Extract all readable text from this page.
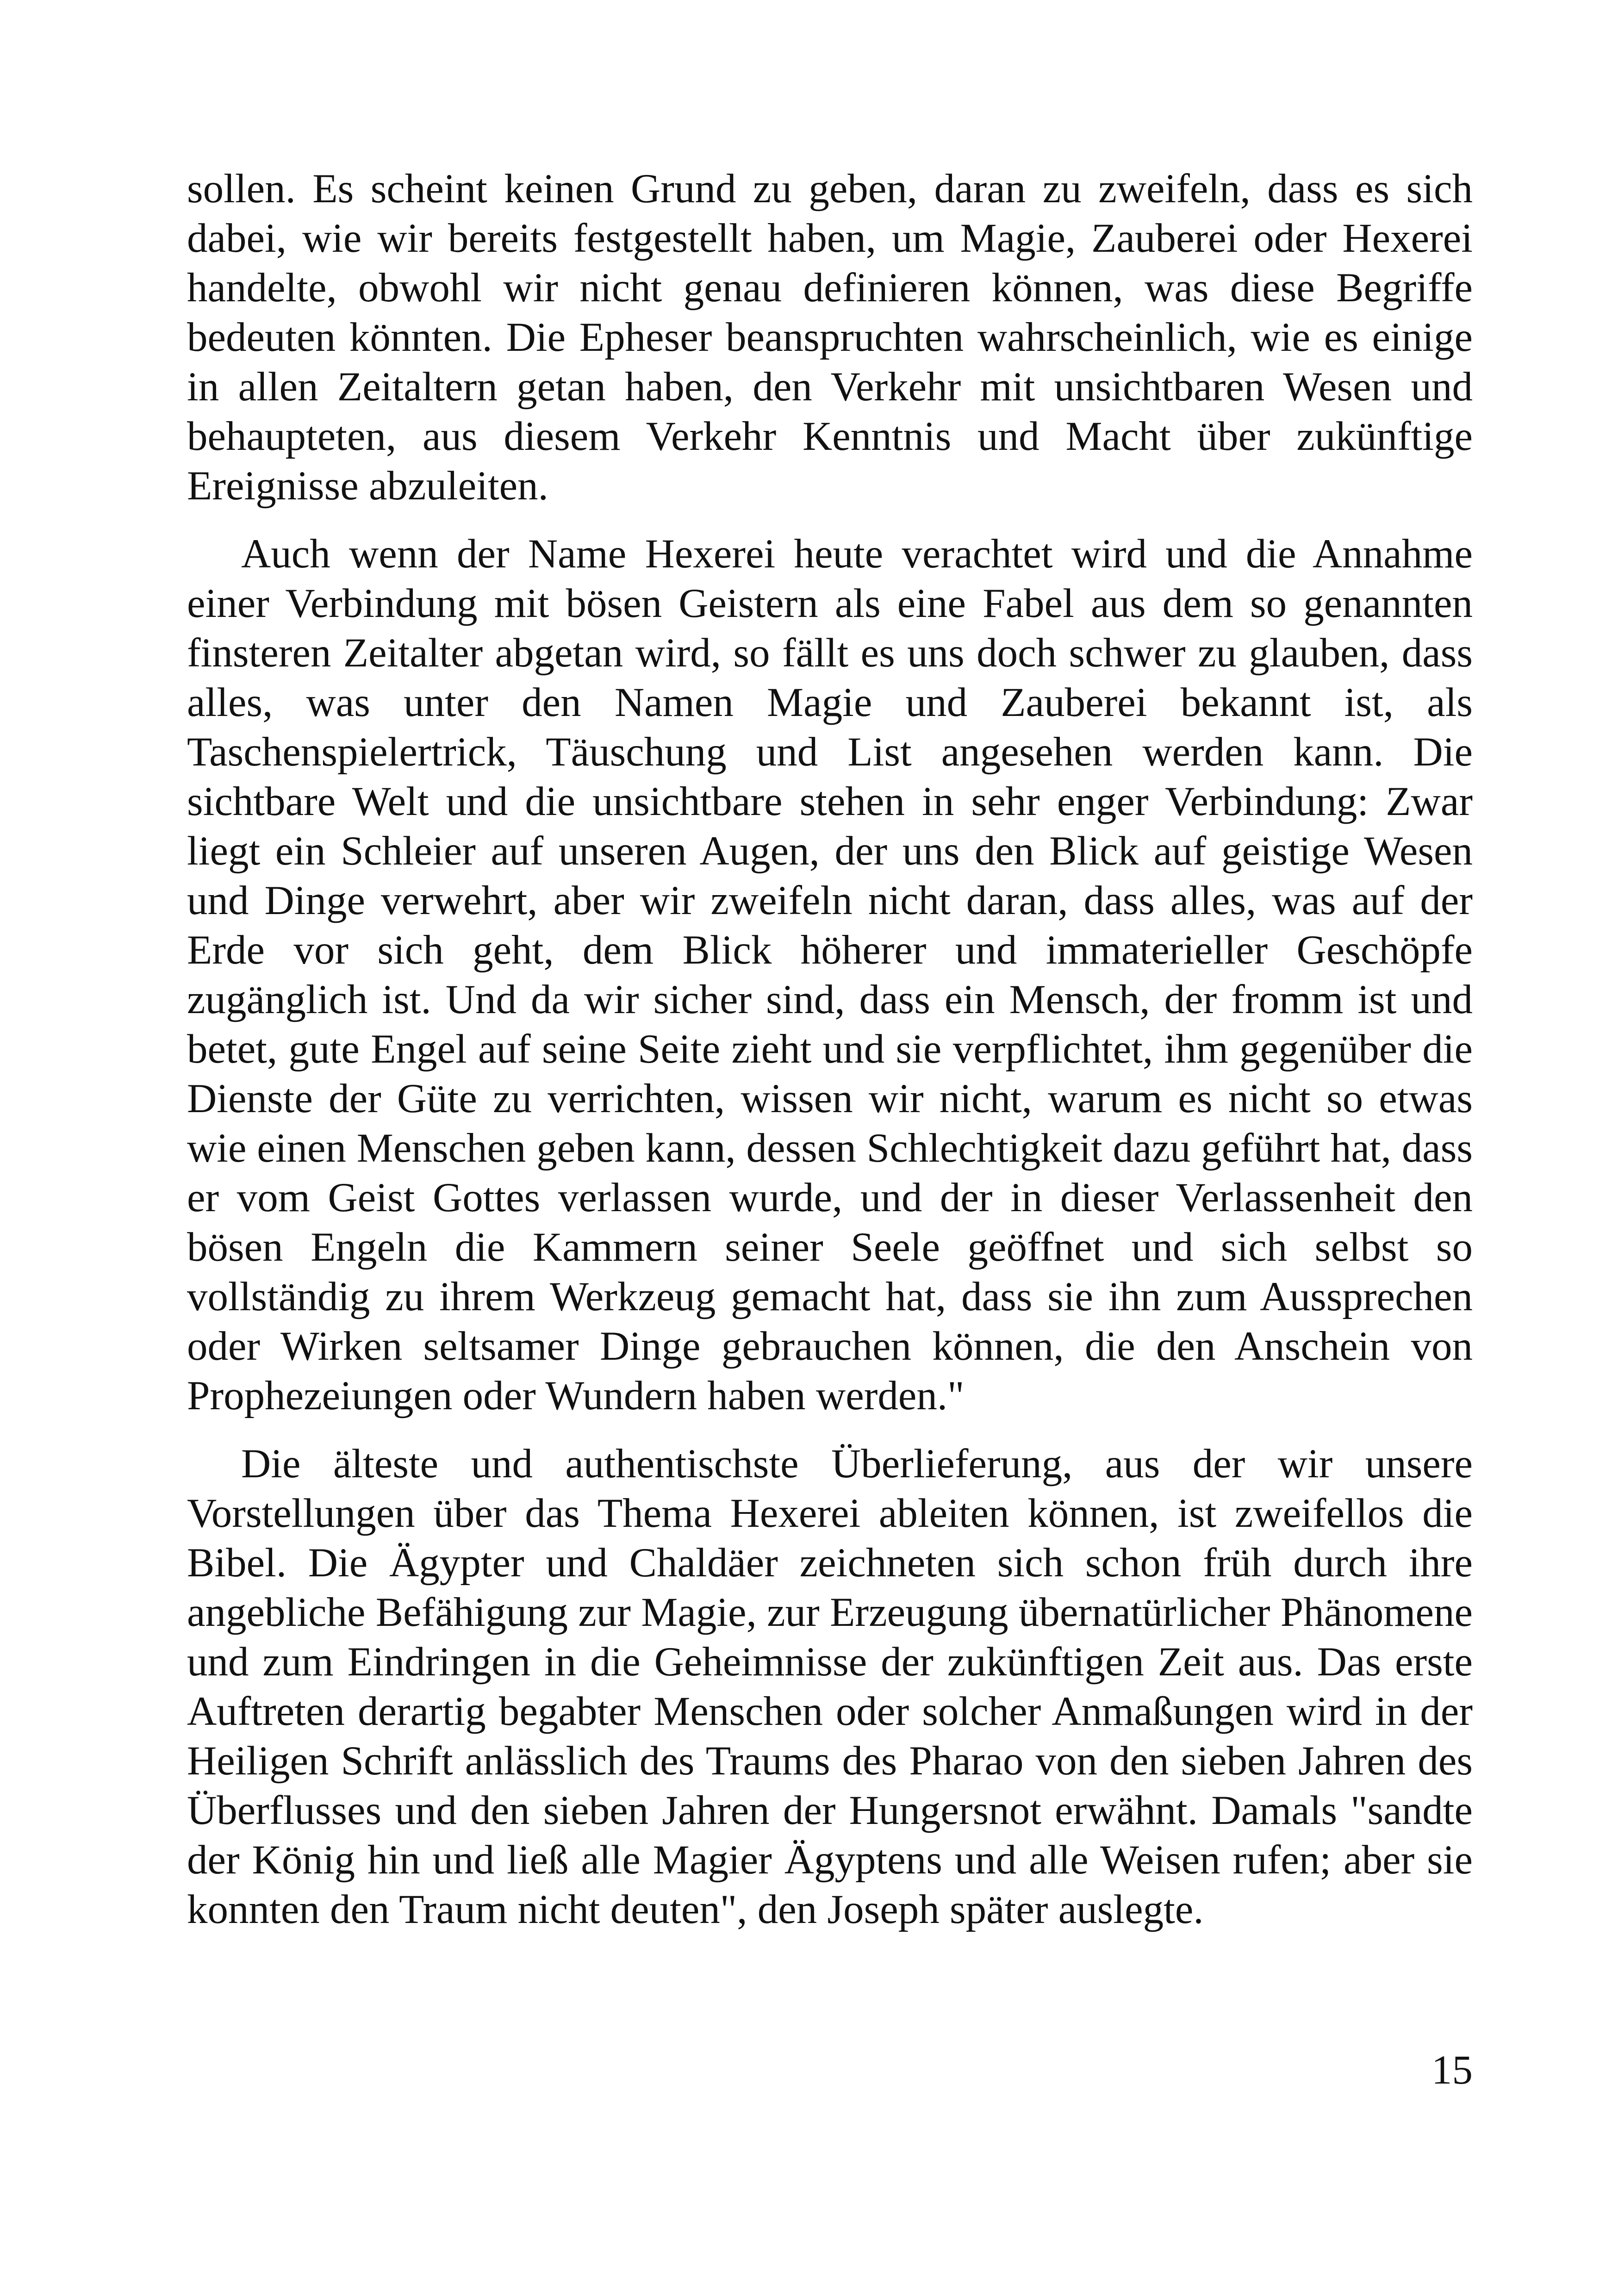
sollen. Es scheint keinen Grund zu geben, daran zu zweifeln, dass es sich dabei, wie wir bereits festgestellt haben, um Magie, Zauberei oder Hexerei handelte, obwohl wir nicht genau definieren können, was diese Begriffe bedeuten könnten. Die Epheser beanspruchten wahrscheinlich, wie es einige in allen Zeitaltern getan haben, den Verkehr mit unsichtbaren Wesen und behaupteten, aus diesem Verkehr Kenntnis und Macht über zukünftige Ereignisse abzuleiten.

Auch wenn der Name Hexerei heute verachtet wird und die Annahme einer Verbindung mit bösen Geistern als eine Fabel aus dem so genannten finsteren Zeitalter abgetan wird, so fällt es uns doch schwer zu glauben, dass alles, was unter den Namen Magie und Zauberei bekannt ist, als Taschenspielertrick, Täuschung und List angesehen werden kann. Die sichtbare Welt und die unsichtbare stehen in sehr enger Verbindung: Zwar liegt ein Schleier auf unseren Augen, der uns den Blick auf geistige Wesen und Dinge verwehrt, aber wir zweifeln nicht daran, dass alles, was auf der Erde vor sich geht, dem Blick höherer und immaterieller Geschöpfe zugänglich ist. Und da wir sicher sind, dass ein Mensch, der fromm ist und betet, gute Engel auf seine Seite zieht und sie verpflichtet, ihm gegenüber die Dienste der Güte zu verrichten, wissen wir nicht, warum es nicht so etwas wie einen Menschen geben kann, dessen Schlechtigkeit dazu geführt hat, dass er vom Geist Gottes verlassen wurde, und der in dieser Verlassenheit den bösen Engeln die Kammern seiner Seele geöffnet und sich selbst so vollständig zu ihrem Werkzeug gemacht hat, dass sie ihn zum Aussprechen oder Wirken seltsamer Dinge gebrauchen können, die den Anschein von Prophezeiungen oder Wundern haben werden."

Die älteste und authentischste Überlieferung, aus der wir unsere Vorstellungen über das Thema Hexerei ableiten können, ist zweifellos die Bibel. Die Ägypter und Chaldäer zeichneten sich schon früh durch ihre angebliche Befähigung zur Magie, zur Erzeugung übernatürlicher Phänomene und zum Eindringen in die Geheimnisse der zukünftigen Zeit aus. Das erste Auftreten derartig begabter Menschen oder solcher Anmaßungen wird in der Heiligen Schrift anlässlich des Traums des Pharao von den sieben Jahren des Überflusses und den sieben Jahren der Hungersnot erwähnt. Damals "sandte der König hin und ließ alle Magier Ägyptens und alle Weisen rufen; aber sie konnten den Traum nicht deuten", den Joseph später auslegte.

15
